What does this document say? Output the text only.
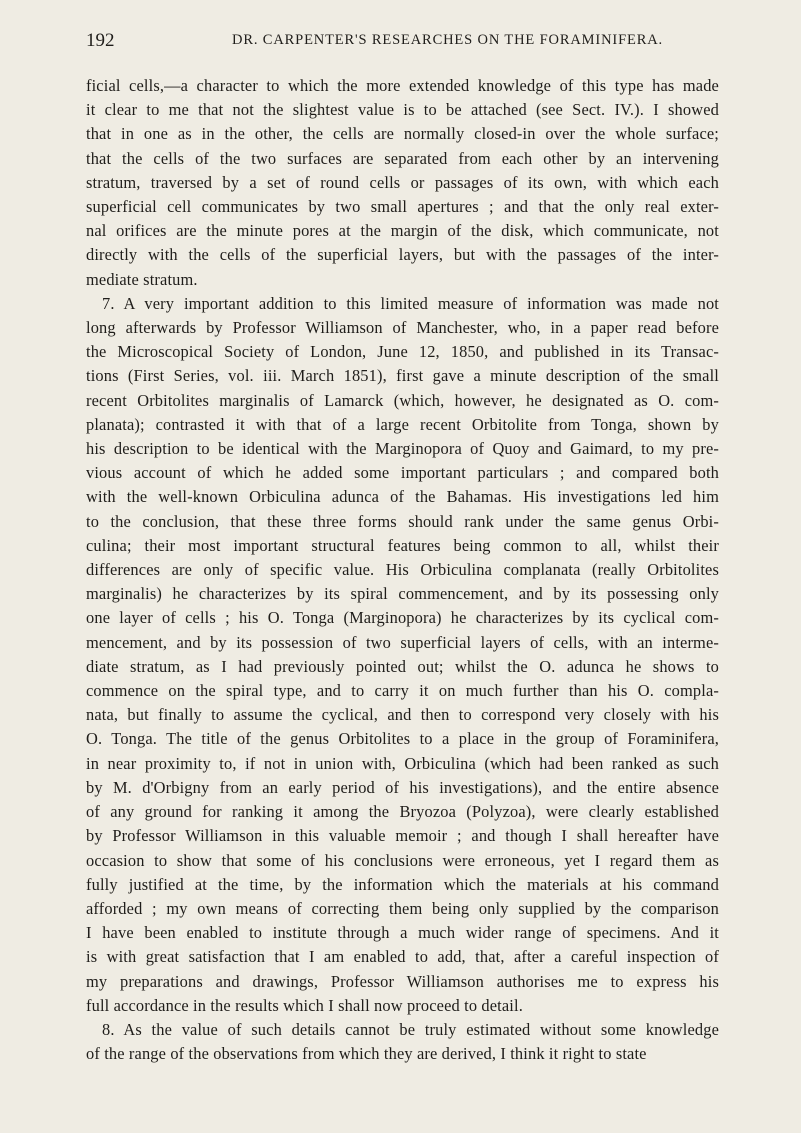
192	DR. CARPENTER'S RESEARCHES ON THE FORAMINIFERA.
ficial cells,—a character to which the more extended knowledge of this type has made
it clear to me that not the slightest value is to be attached (see Sect. IV.). I showed
that in one as in the other, the cells are normally closed-in over the whole surface;
that the cells of the two surfaces are separated from each other by an intervening
stratum, traversed by a set of round cells or passages of its own, with which each
superficial cell communicates by two small apertures ; and that the only real exter-
nal orifices are the minute pores at the margin of the disk, which communicate, not
directly with the cells of the superficial layers, but with the passages of the inter-
mediate stratum.
7. A very important addition to this limited measure of information was made not
long afterwards by Professor Williamson of Manchester, who, in a paper read before
the Microscopical Society of London, June 12, 1850, and published in its Transac-
tions (First Series, vol. iii. March 1851), first gave a minute description of the small
recent Orbitolites marginalis of Lamarck (which, however, he designated as O. com-
planata); contrasted it with that of a large recent Orbitolite from Tonga, shown by
his description to be identical with the Marginopora of Quoy and Gaimard, to my pre-
vious account of which he added some important particulars ; and compared both
with the well-known Orbiculina adunca of the Bahamas. His investigations led him
to the conclusion, that these three forms should rank under the same genus Orbi-
culina; their most important structural features being common to all, whilst their
differences are only of specific value. His Orbiculina complanata (really Orbitolites
marginalis) he characterizes by its spiral commencement, and by its possessing only
one layer of cells ; his O. Tonga (Marginopora) he characterizes by its cyclical com-
mencement, and by its possession of two superficial layers of cells, with an interme-
diate stratum, as I had previously pointed out; whilst the O. adunca he shows to
commence on the spiral type, and to carry it on much further than his O. compla-
nata, but finally to assume the cyclical, and then to correspond very closely with his
O. Tonga. The title of the genus Orbitolites to a place in the group of Foraminifera,
in near proximity to, if not in union with, Orbiculina (which had been ranked as such
by M. d'Orbigny from an early period of his investigations), and the entire absence
of any ground for ranking it among the Bryozoa (Polyzoa), were clearly established
by Professor Williamson in this valuable memoir ; and though I shall hereafter have
occasion to show that some of his conclusions were erroneous, yet I regard them as
fully justified at the time, by the information which the materials at his command
afforded ; my own means of correcting them being only supplied by the comparison
I have been enabled to institute through a much wider range of specimens. And it
is with great satisfaction that I am enabled to add, that, after a careful inspection of
my preparations and drawings, Professor Williamson authorises me to express his
full accordance in the results which I shall now proceed to detail.
8. As the value of such details cannot be truly estimated without some knowledge
of the range of the observations from which they are derived, I think it right to state
